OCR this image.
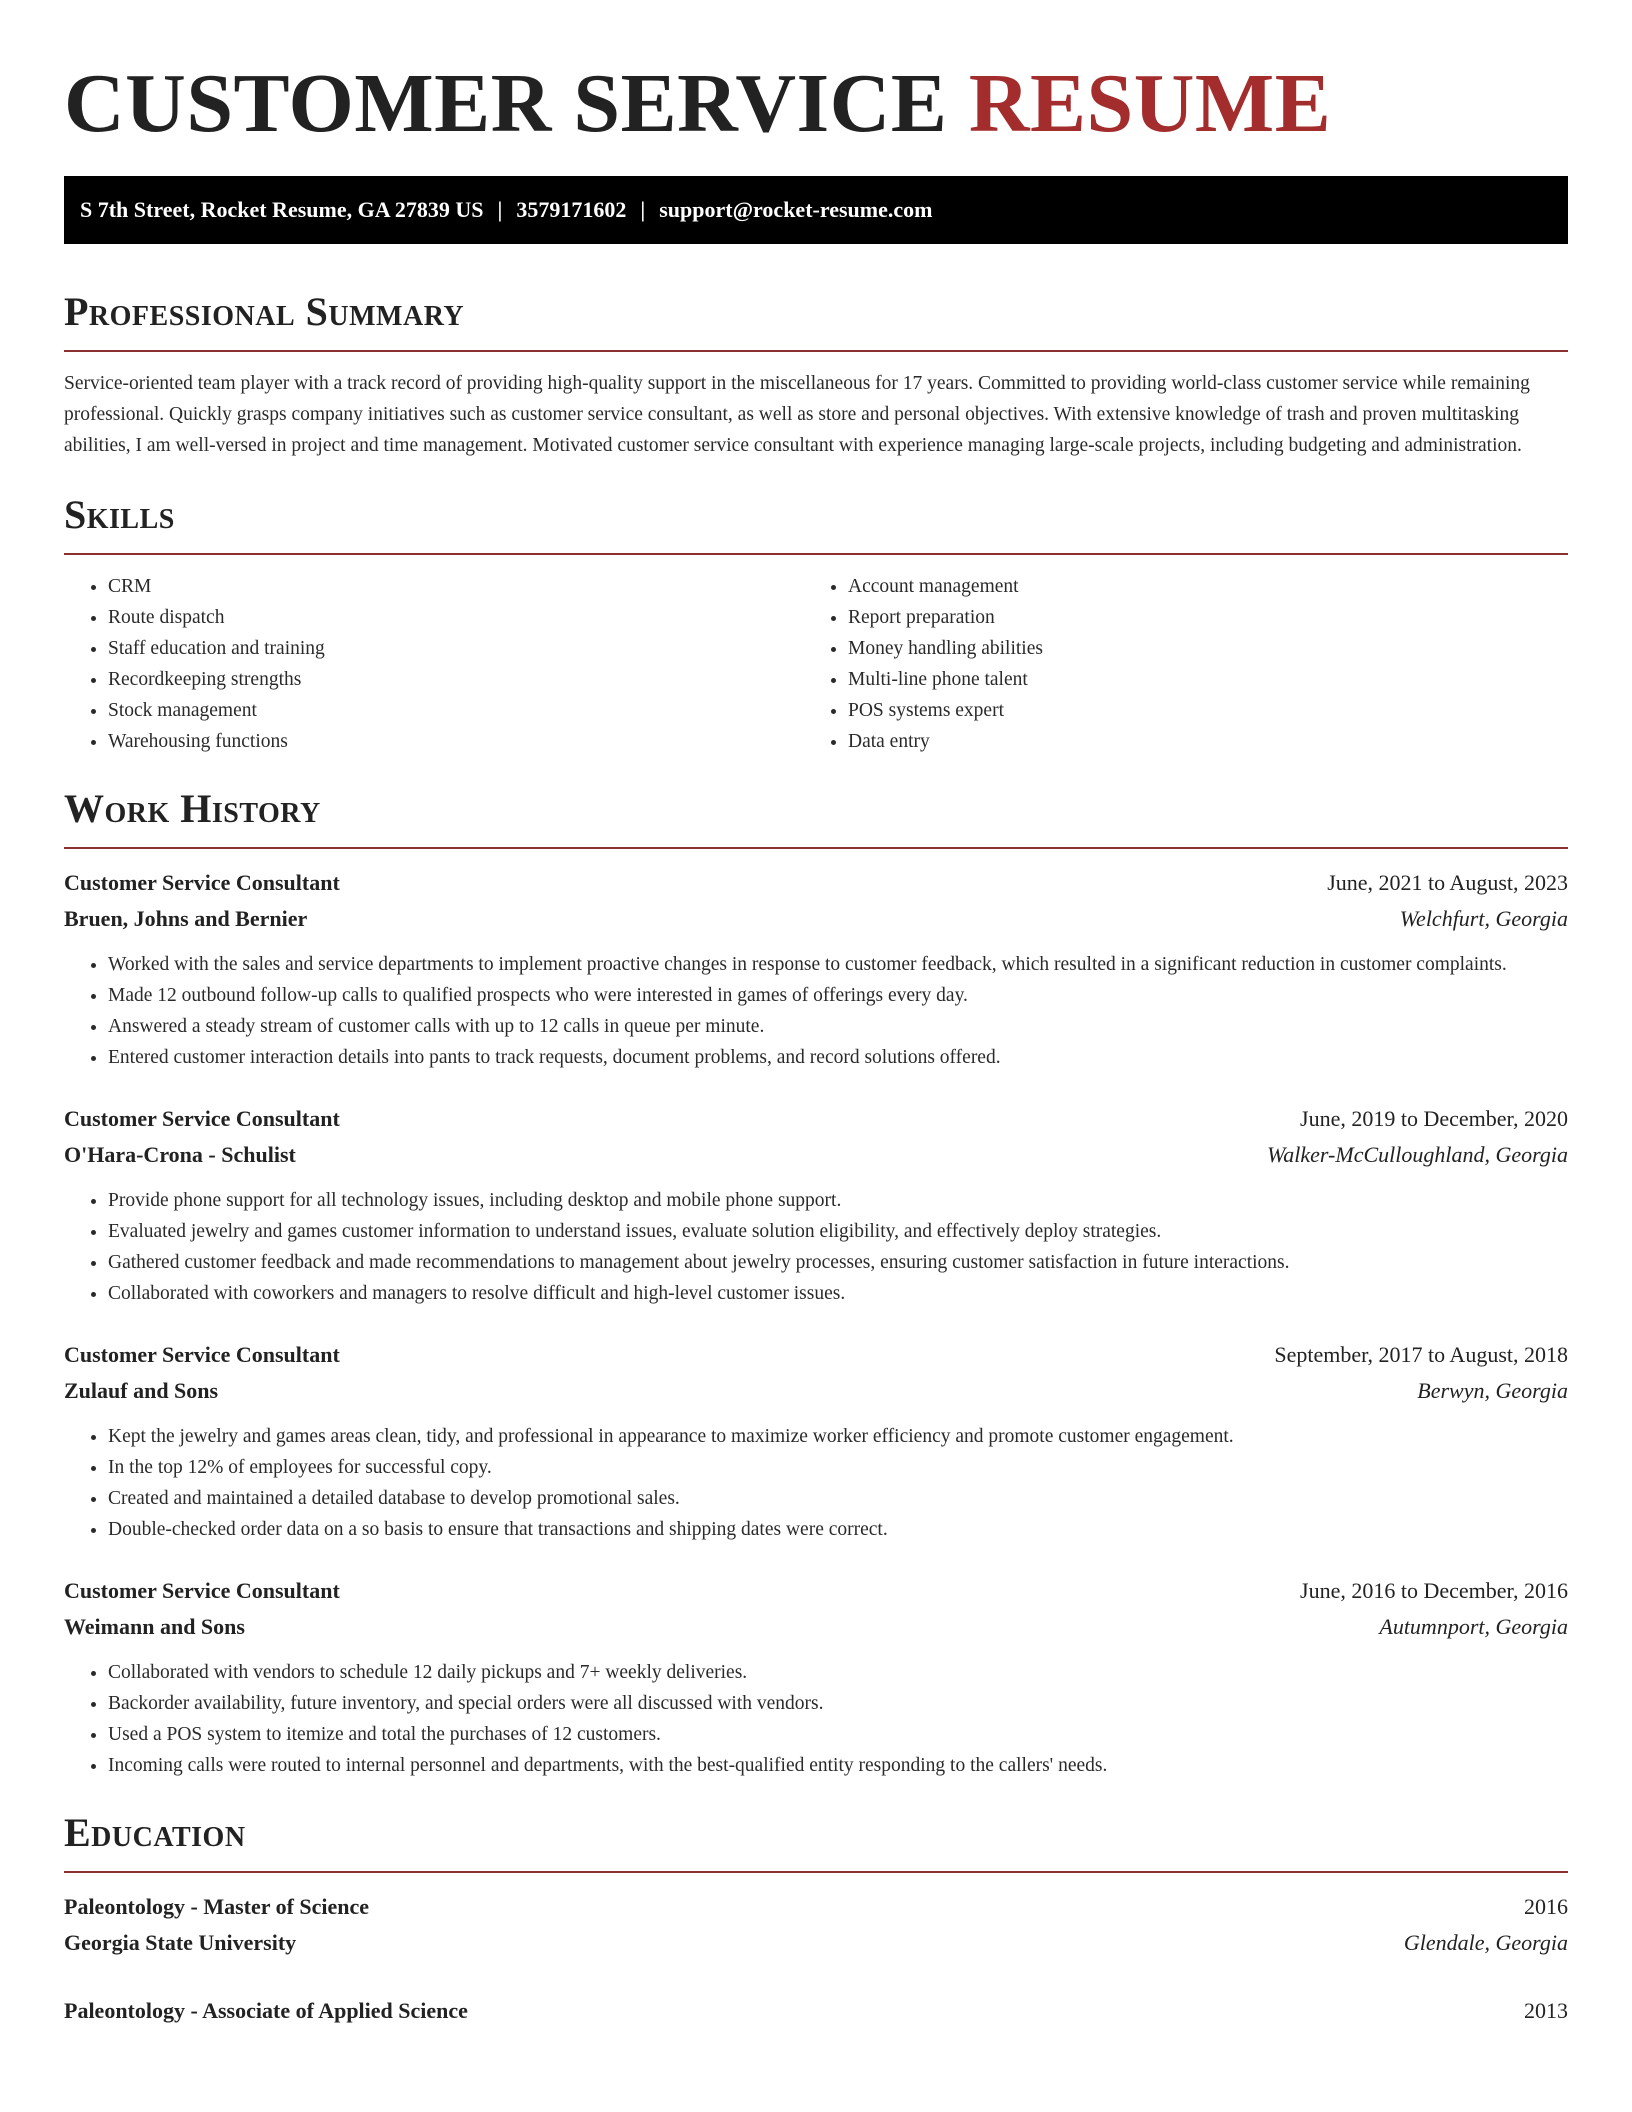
CUSTOMER SERVICE RESUME
S 7th Street, Rocket Resume, GA 27839 US | 3579171602 | support@rocket-resume.com
Professional Summary

Service-oriented team player with a track record of providing high-quality support in the miscellaneous for 17 years. Committed to providing world-class customer service while remaining professional. Quickly grasps company initiatives such as customer service consultant, as well as store and personal objectives. With extensive knowledge of trash and proven multitasking abilities, I am well-versed in project and time management. Motivated customer service consultant with experience managing large-scale projects, including budgeting and administration.

Skills
• CRM
• Route dispatch
• Staff education and training
• Recordkeeping strengths
• Stock management
• Warehousing functions
• Account management
• Report preparation
• Money handling abilities
• Multi-line phone talent
• POS systems expert
• Data entry
Work History
Customer Service Consultant	June, 2021 to August, 2023
Bruen, Johns and Bernier	Welchfurt, Georgia
• Worked with the sales and service departments to implement proactive changes in response to customer feedback, which resulted in a significant reduction in customer complaints.
• Made 12 outbound follow-up calls to qualified prospects who were interested in games of offerings every day.
• Answered a steady stream of customer calls with up to 12 calls in queue per minute.
• Entered customer interaction details into pants to track requests, document problems, and record solutions offered.
Customer Service Consultant	June, 2019 to December, 2020
O'Hara-Crona - Schulist	Walker-McCulloughland, Georgia
• Provide phone support for all technology issues, including desktop and mobile phone support.
• Evaluated jewelry and games customer information to understand issues, evaluate solution eligibility, and effectively deploy strategies.
• Gathered customer feedback and made recommendations to management about jewelry processes, ensuring customer satisfaction in future interactions.
• Collaborated with coworkers and managers to resolve difficult and high-level customer issues.
Customer Service Consultant	September, 2017 to August, 2018
Zulauf and Sons	Berwyn, Georgia
• Kept the jewelry and games areas clean, tidy, and professional in appearance to maximize worker efficiency and promote customer engagement.
• In the top 12% of employees for successful copy.
• Created and maintained a detailed database to develop promotional sales.
• Double-checked order data on a so basis to ensure that transactions and shipping dates were correct.
Customer Service Consultant	June, 2016 to December, 2016
Weimann and Sons	Autumnport, Georgia
• Collaborated with vendors to schedule 12 daily pickups and 7+ weekly deliveries.
• Backorder availability, future inventory, and special orders were all discussed with vendors.
• Used a POS system to itemize and total the purchases of 12 customers.
• Incoming calls were routed to internal personnel and departments, with the best-qualified entity responding to the callers' needs.
Education
Paleontology - Master of Science	2016
Georgia State University	Glendale, Georgia
Paleontology - Associate of Applied Science	2013
